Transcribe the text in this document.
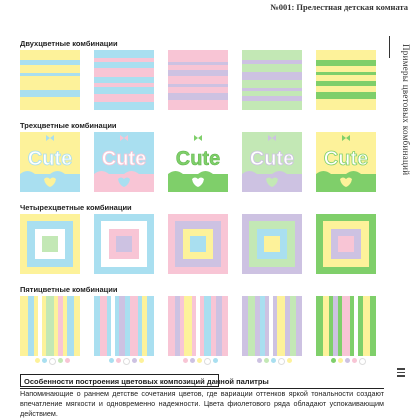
№001: Прелестная детская комната
Примеры цветовых комбинаций
Двухцветные комбинации
Трехцветные комбинации
Четырехцветные комбинации
Пятицветные комбинации
Cute Cute Cute Cute Cute
Особенности построения цветовых композиций данной палитры
Напоминающие о раннем детстве сочетания цветов, где вариации оттенков яркой тональности создают впечатление мягкости и одновременно надежности. Цвета фиолетового ряда обладают успокаивающим действием.
